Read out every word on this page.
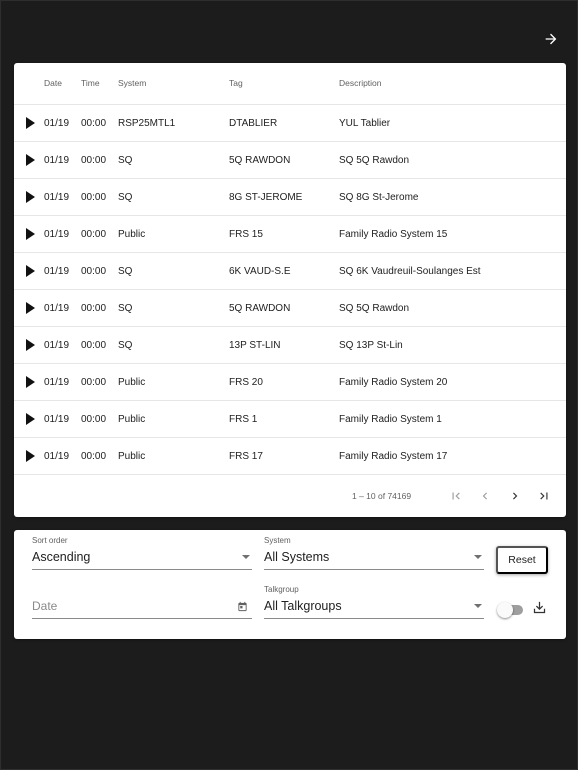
Date Time System	Tag	Description
01/19 00:00 RSP25MTL1	DTABLIER	YUL Tablier
01/19 00:00 SQ	5Q RAWDON	SQ 5Q Rawdon
01/19 00:00 SQ	8G ST-JEROME	SQ 8G St-Jerome
01/19 00:00 Public	FRS 15	Family Radio System 15
01/19 00:00 SQ	6K VAUD-S.E	SQ 6K Vaudreuil-Soulanges Est
01/19 00:00 SQ	5Q RAWDON	SQ 5Q Rawdon
01/19 00:00 SQ	13P ST-LIN	SQ 13P St-Lin
01/19 00:00 Public	FRS 20	Family Radio System 20
01/19 00:00 Public	FRS 1	Family Radio System 1
01/19 00:00 Public	FRS 17	Family Radio System 17
1 – 10 of 74169
Sort order
Ascending
System
All Systems	Reset
Date
Talkgroup
All Talkgroups
